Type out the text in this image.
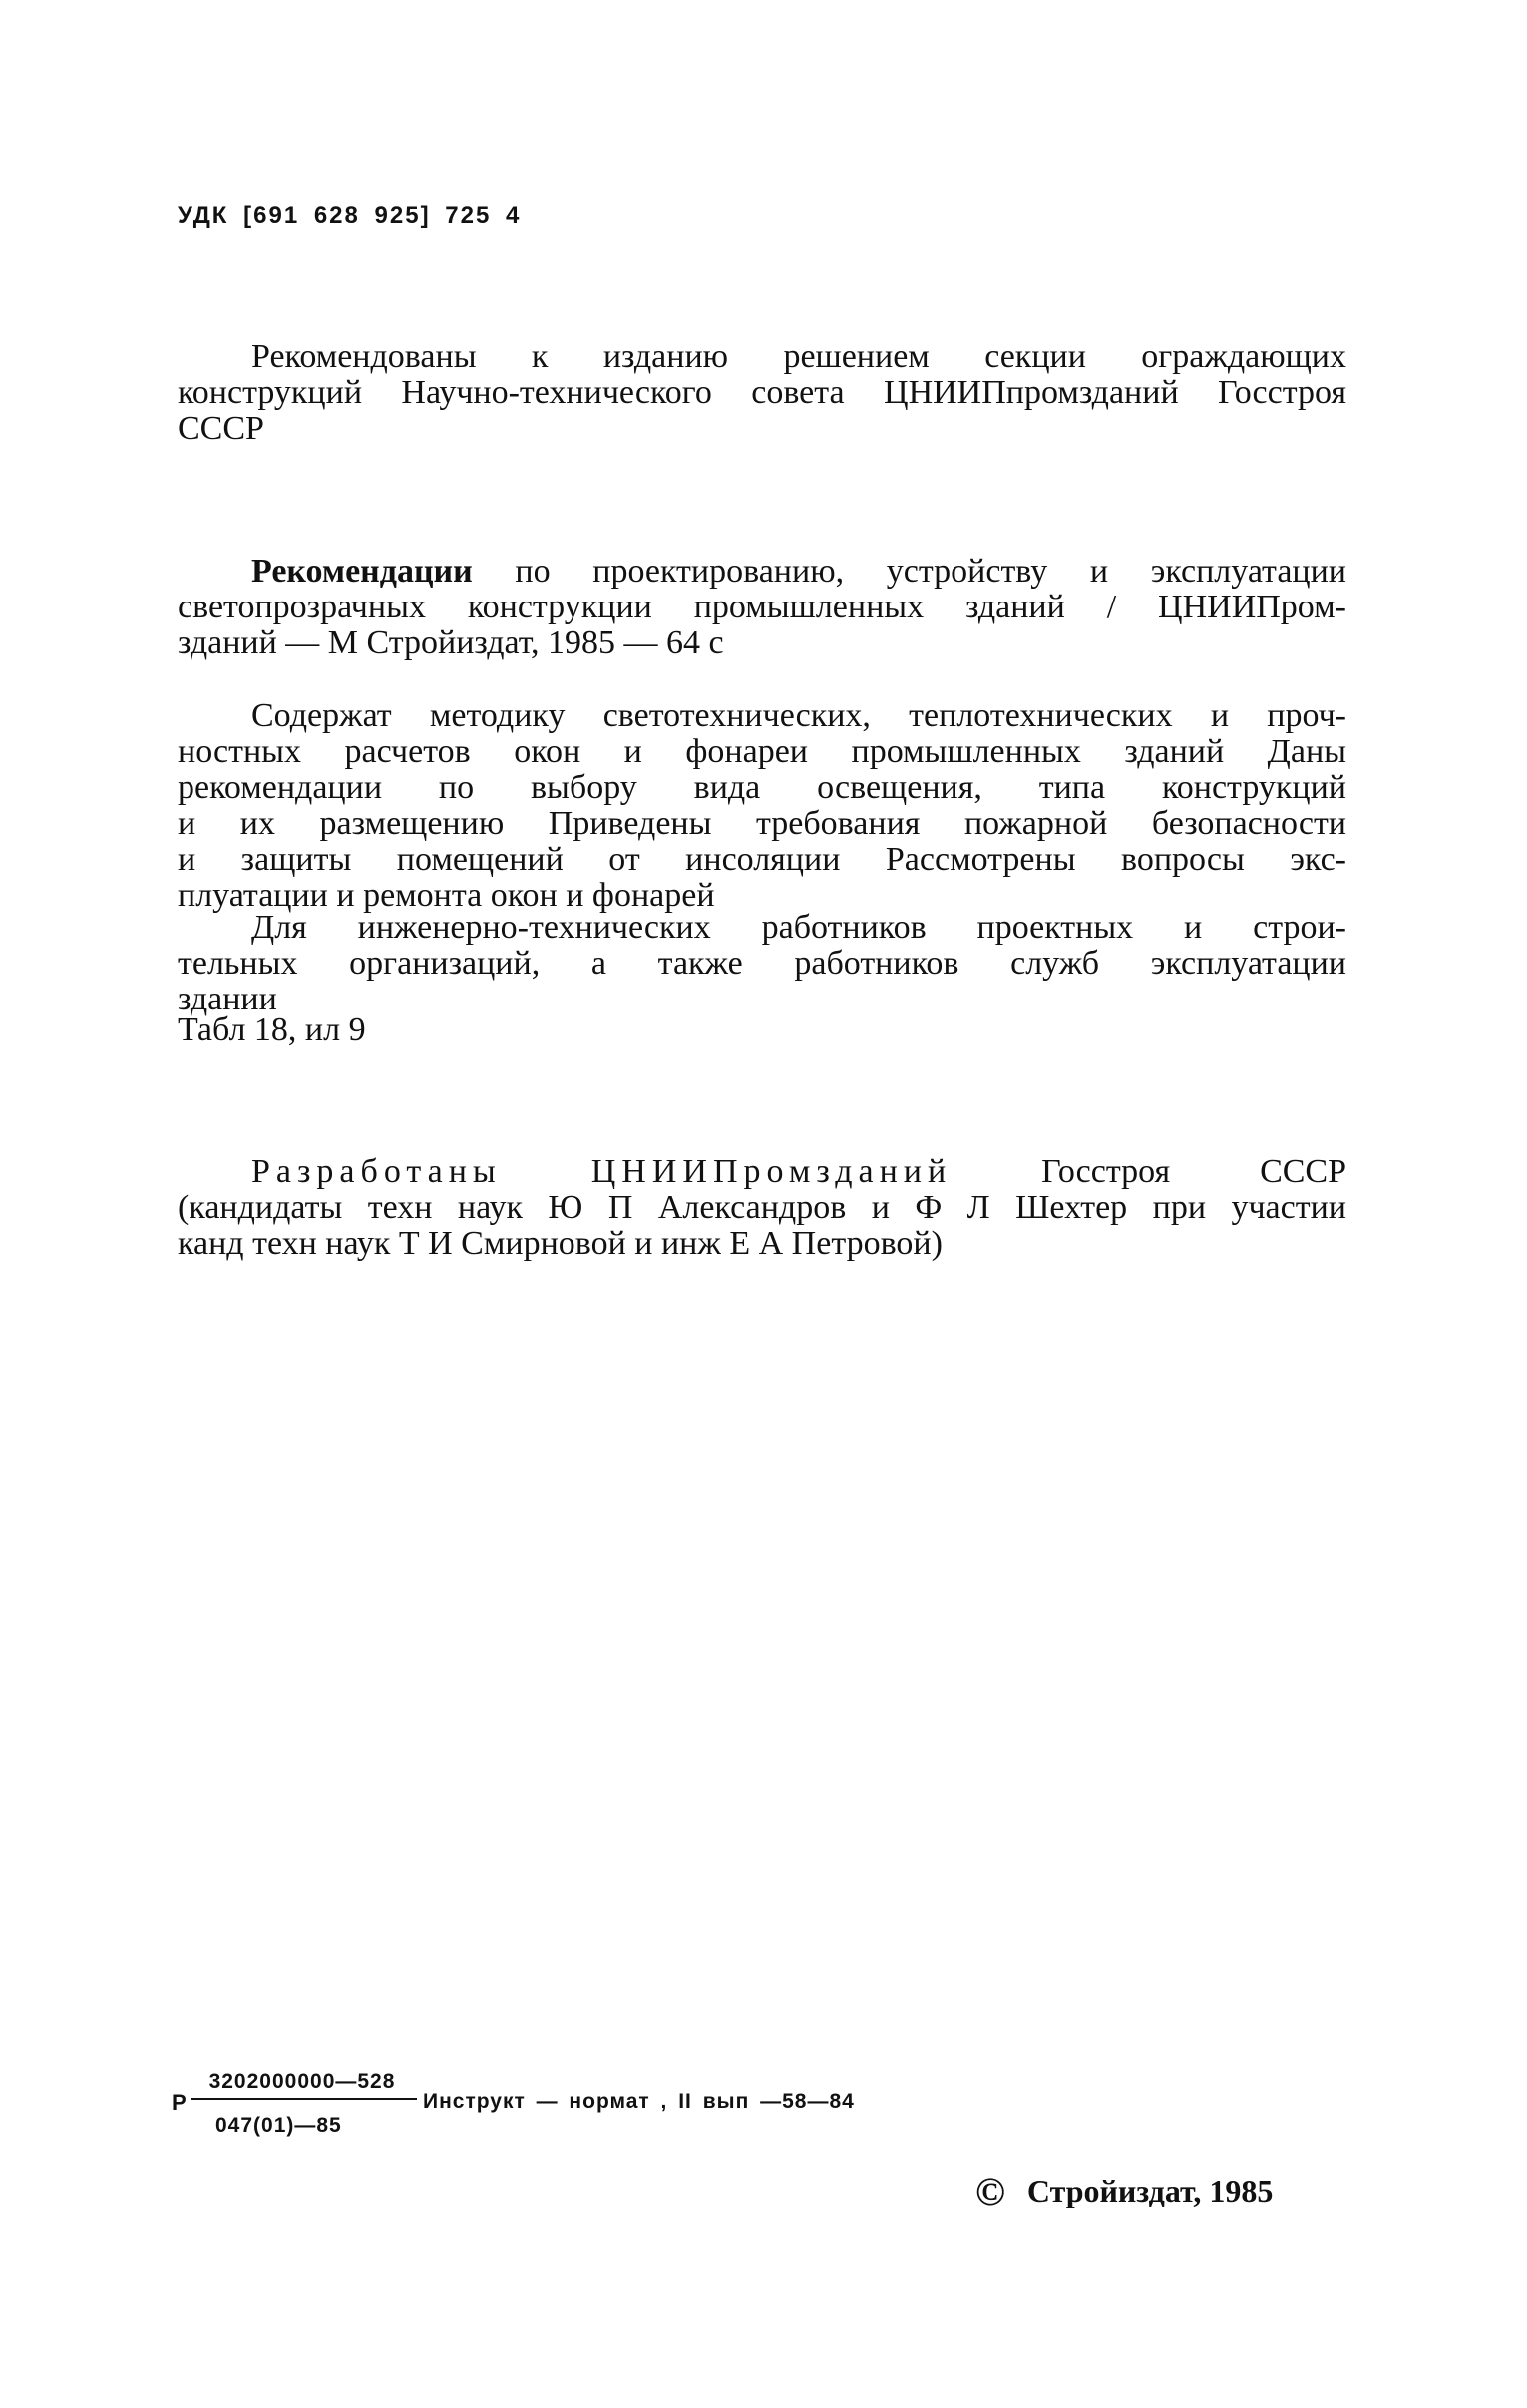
УДК [691 628 925] 725 4
Рекомендованы к изданию решением секции ограждающих
конструкций Научно-технического совета ЦНИИПпромзданий Госстроя
СССР
Рекомендации по проектированию, устройству и эксплуатации
светопрозрачных конструкции промышленных зданий / ЦНИИПром-
зданий — М Стройиздат, 1985 — 64 с
Содержат методику светотехнических, теплотехнических и проч-
ностных расчетов окон и фонареи промышленных зданий Даны
рекомендации по выбору вида освещения, типа конструкций
и их размещению Приведены требования пожарной безопасности
и защиты помещений от инсоляции Рассмотрены вопросы экс-
плуатации и ремонта окон и фонарей
Для инженерно-технических работников проектных и строи-
тельных организаций, а также работников служб эксплуатации
здании
Табл 18, ил 9
Разработаны	ЦНИИПромзданий	Госстроя СССР
(кандидаты техн наук Ю П Александров и Ф Л Шехтер при участии
канд техн наук Т И Смирновой и инж Е А Петровой)
Р
3202000000—528
047(01)—85
Инструкт — нормат , II вып —58—84
© Стройиздат, 1985
